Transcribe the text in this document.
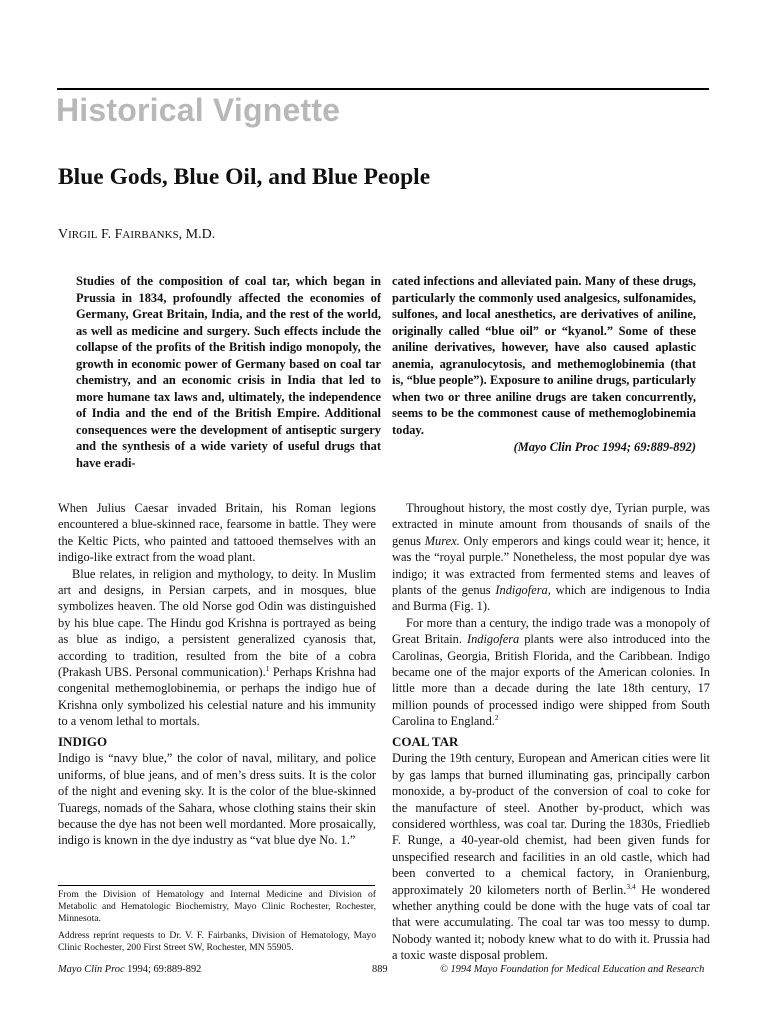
Historical Vignette
Blue Gods, Blue Oil, and Blue People
VIRGIL F. FAIRBANKS, M.D.
Studies of the composition of coal tar, which began in Prussia in 1834, profoundly affected the economies of Germany, Great Britain, India, and the rest of the world, as well as medicine and surgery. Such effects include the collapse of the profits of the British indigo monopoly, the growth in economic power of Germany based on coal tar chemistry, and an economic crisis in India that led to more humane tax laws and, ultimately, the independence of India and the end of the British Empire. Additional consequences were the development of antiseptic surgery and the synthesis of a wide variety of useful drugs that have eradi-
cated infections and alleviated pain. Many of these drugs, particularly the commonly used analgesics, sulfonamides, sulfones, and local anesthetics, are derivatives of aniline, originally called “blue oil” or “kyanol.” Some of these aniline derivatives, however, have also caused aplastic anemia, agranulocytosis, and methemoglobinemia (that is, “blue people”). Exposure to aniline drugs, particularly when two or three aniline drugs are taken concurrently, seems to be the commonest cause of methemoglobinemia today.
(Mayo Clin Proc 1994; 69:889-892)

When Julius Caesar invaded Britain, his Roman legions encountered a blue-skinned race, fearsome in battle. They were the Keltic Picts, who painted and tattooed themselves with an indigo-like extract from the woad plant.

Blue relates, in religion and mythology, to deity. In Muslim art and designs, in Persian carpets, and in mosques, blue symbolizes heaven. The old Norse god Odin was distinguished by his blue cape. The Hindu god Krishna is portrayed as being as blue as indigo, a persistent generalized cyanosis that, according to tradition, resulted from the bite of a cobra (Prakash UBS. Personal communication).$^1$ Perhaps Krishna had congenital methemoglobinemia, or perhaps the indigo hue of Krishna only symbolized his celestial nature and his immunity to a venom lethal to mortals.

INDIGO

Indigo is “navy blue,” the color of naval, military, and police uniforms, of blue jeans, and of men’s dress suits. It is the color of the night and evening sky. It is the color of the blue-skinned Tuaregs, nomads of the Sahara, whose clothing stains their skin because the dye has not been well mordanted. More prosaically, indigo is known in the dye industry as “vat blue dye No. 1.”

From the Division of Hematology and Internal Medicine and Division of Metabolic and Hematologic Biochemistry, Mayo Clinic Rochester, Rochester, Minnesota.
Address reprint requests to Dr. V. F. Fairbanks, Division of Hematology, Mayo Clinic Rochester, 200 First Street SW, Rochester, MN 55905.

Throughout history, the most costly dye, Tyrian purple, was extracted in minute amount from thousands of snails of the genus Murex. Only emperors and kings could wear it; hence, it was the “royal purple.” Nonetheless, the most popular dye was indigo; it was extracted from fermented stems and leaves of plants of the genus Indigofera, which are indigenous to India and Burma (Fig. 1).

For more than a century, the indigo trade was a monopoly of Great Britain. Indigofera plants were also introduced into the Carolinas, Georgia, British Florida, and the Caribbean. Indigo became one of the major exports of the American colonies. In little more than a decade during the late 18th century, 17 million pounds of processed indigo were shipped from South Carolina to England.$^2$

COAL TAR

During the 19th century, European and American cities were lit by gas lamps that burned illuminating gas, principally carbon monoxide, a by-product of the conversion of coal to coke for the manufacture of steel. Another by-product, which was considered worthless, was coal tar. During the 1830s, Friedlieb F. Runge, a 40-year-old chemist, had been given funds for unspecified research and facilities in an old castle, which had been converted to a chemical factory, in Oranienburg, approximately 20 kilometers north of Berlin.$^{3,4}$ He wondered whether anything could be done with the huge vats of coal tar that were accumulating. The coal tar was too messy to dump. Nobody wanted it; nobody knew what to do with it. Prussia had a toxic waste disposal problem.

Mayo Clin Proc 1994; 69:889-892	889	© 1994 Mayo Foundation for Medical Education and Research
